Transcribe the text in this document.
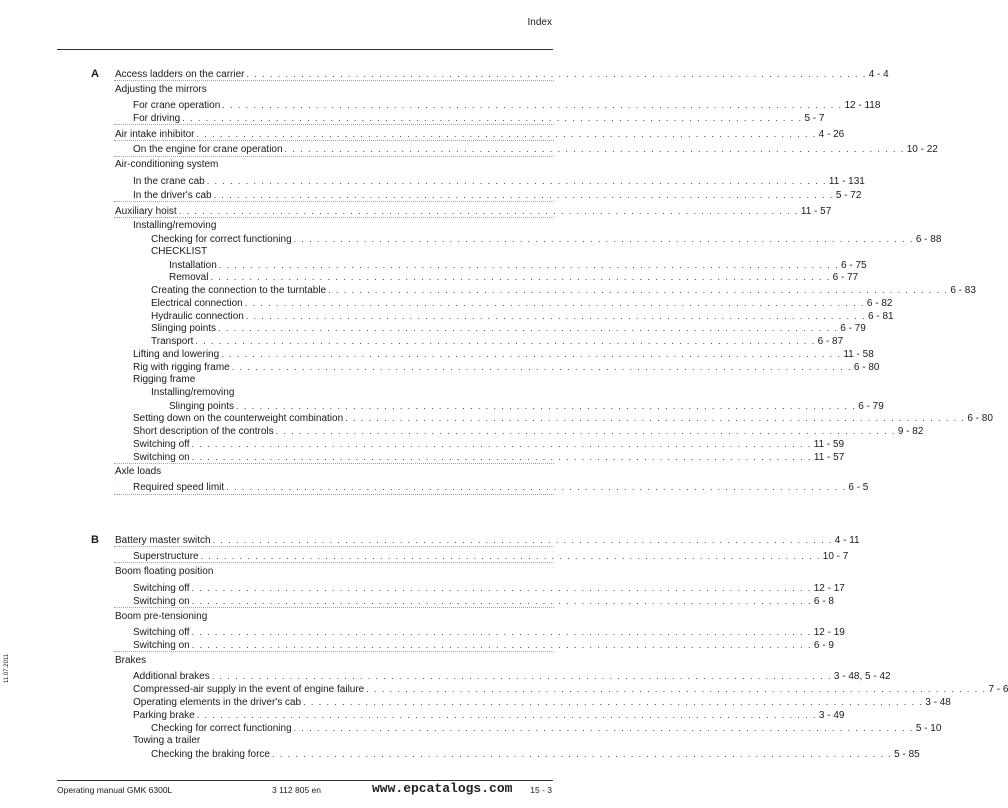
Index
A
B
Access ladders on the carrier . . . . . . . . . . . . . . . . . . . . . . . . . . . . . . . . . . . . . . . . . . . . . . . . . . . . . . . . . . . . . . . . . . . . . . . . . . . . . . . . 4 - 4
Adjusting the mirrors
For crane operation . . . . . . . . . . . . . . . . . . . . . . . . . . . . . . . . . . . . . . . . . . . . . . . . . . . . . . . . . . . . . . . . . . . . . . . . . . . . . . . . 12 - 118
For driving . . . . . . . . . . . . . . . . . . . . . . . . . . . . . . . . . . . . . . . . . . . . . . . . . . . . . . . . . . . . . . . . . . . . . . . . . . . . . . . . 5 - 7
Air intake inhibitor . . . . . . . . . . . . . . . . . . . . . . . . . . . . . . . . . . . . . . . . . . . . . . . . . . . . . . . . . . . . . . . . . . . . . . . . . . . . . . . . 4 - 26
On the engine for crane operation . . . . . . . . . . . . . . . . . . . . . . . . . . . . . . . . . . . . . . . . . . . . . . . . . . . . . . . . . . . . . . . . . . . . . . . . . . . . . . . . 10 - 22
Air-conditioning system
In the crane cab . . . . . . . . . . . . . . . . . . . . . . . . . . . . . . . . . . . . . . . . . . . . . . . . . . . . . . . . . . . . . . . . . . . . . . . . . . . . . . . . 11 - 131
In the driver's cab . . . . . . . . . . . . . . . . . . . . . . . . . . . . . . . . . . . . . . . . . . . . . . . . . . . . . . . . . . . . . . . . . . . . . . . . . . . . . . . . 5 - 72
Auxiliary hoist . . . . . . . . . . . . . . . . . . . . . . . . . . . . . . . . . . . . . . . . . . . . . . . . . . . . . . . . . . . . . . . . . . . . . . . . . . . . . . . . 11 - 57
Installing/removing
Checking for correct functioning . . . . . . . . . . . . . . . . . . . . . . . . . . . . . . . . . . . . . . . . . . . . . . . . . . . . . . . . . . . . . . . . . . . . . . . . . . . . . . . . 6 - 88
CHECKLIST
Installation . . . . . . . . . . . . . . . . . . . . . . . . . . . . . . . . . . . . . . . . . . . . . . . . . . . . . . . . . . . . . . . . . . . . . . . . . . . . . . . . 6 - 75
Removal . . . . . . . . . . . . . . . . . . . . . . . . . . . . . . . . . . . . . . . . . . . . . . . . . . . . . . . . . . . . . . . . . . . . . . . . . . . . . . . . 6 - 77
Creating the connection to the turntable . . . . . . . . . . . . . . . . . . . . . . . . . . . . . . . . . . . . . . . . . . . . . . . . . . . . . . . . . . . . . . . . . . . . . . . . . . . . . . . . 6 - 83
Electrical connection . . . . . . . . . . . . . . . . . . . . . . . . . . . . . . . . . . . . . . . . . . . . . . . . . . . . . . . . . . . . . . . . . . . . . . . . . . . . . . . . 6 - 82
Hydraulic connection . . . . . . . . . . . . . . . . . . . . . . . . . . . . . . . . . . . . . . . . . . . . . . . . . . . . . . . . . . . . . . . . . . . . . . . . . . . . . . . . 6 - 81
Slinging points . . . . . . . . . . . . . . . . . . . . . . . . . . . . . . . . . . . . . . . . . . . . . . . . . . . . . . . . . . . . . . . . . . . . . . . . . . . . . . . . 6 - 79
Transport . . . . . . . . . . . . . . . . . . . . . . . . . . . . . . . . . . . . . . . . . . . . . . . . . . . . . . . . . . . . . . . . . . . . . . . . . . . . . . . . 6 - 87
Lifting and lowering . . . . . . . . . . . . . . . . . . . . . . . . . . . . . . . . . . . . . . . . . . . . . . . . . . . . . . . . . . . . . . . . . . . . . . . . . . . . . . . . 11 - 58
Rig with rigging frame . . . . . . . . . . . . . . . . . . . . . . . . . . . . . . . . . . . . . . . . . . . . . . . . . . . . . . . . . . . . . . . . . . . . . . . . . . . . . . . . 6 - 80
Rigging frame
Installing/removing
Slinging points . . . . . . . . . . . . . . . . . . . . . . . . . . . . . . . . . . . . . . . . . . . . . . . . . . . . . . . . . . . . . . . . . . . . . . . . . . . . . . . . 6 - 79
Setting down on the counterweight combination . . . . . . . . . . . . . . . . . . . . . . . . . . . . . . . . . . . . . . . . . . . . . . . . . . . . . . . . . . . . . . . . . . . . . . . . . . . . . . . . 6 - 80
Short description of the controls . . . . . . . . . . . . . . . . . . . . . . . . . . . . . . . . . . . . . . . . . . . . . . . . . . . . . . . . . . . . . . . . . . . . . . . . . . . . . . . . 9 - 82
Switching off . . . . . . . . . . . . . . . . . . . . . . . . . . . . . . . . . . . . . . . . . . . . . . . . . . . . . . . . . . . . . . . . . . . . . . . . . . . . . . . . 11 - 59
Switching on . . . . . . . . . . . . . . . . . . . . . . . . . . . . . . . . . . . . . . . . . . . . . . . . . . . . . . . . . . . . . . . . . . . . . . . . . . . . . . . . 11 - 57
Axle loads
Required speed limit . . . . . . . . . . . . . . . . . . . . . . . . . . . . . . . . . . . . . . . . . . . . . . . . . . . . . . . . . . . . . . . . . . . . . . . . . . . . . . . . 6 - 5
Battery master switch . . . . . . . . . . . . . . . . . . . . . . . . . . . . . . . . . . . . . . . . . . . . . . . . . . . . . . . . . . . . . . . . . . . . . . . . . . . . . . . . 4 - 11
Superstructure . . . . . . . . . . . . . . . . . . . . . . . . . . . . . . . . . . . . . . . . . . . . . . . . . . . . . . . . . . . . . . . . . . . . . . . . . . . . . . . . 10 - 7
Boom floating position
Switching off . . . . . . . . . . . . . . . . . . . . . . . . . . . . . . . . . . . . . . . . . . . . . . . . . . . . . . . . . . . . . . . . . . . . . . . . . . . . . . . . 12 - 17
Switching on . . . . . . . . . . . . . . . . . . . . . . . . . . . . . . . . . . . . . . . . . . . . . . . . . . . . . . . . . . . . . . . . . . . . . . . . . . . . . . . . 6 - 8
Boom pre-tensioning
Switching off . . . . . . . . . . . . . . . . . . . . . . . . . . . . . . . . . . . . . . . . . . . . . . . . . . . . . . . . . . . . . . . . . . . . . . . . . . . . . . . . 12 - 19
Switching on . . . . . . . . . . . . . . . . . . . . . . . . . . . . . . . . . . . . . . . . . . . . . . . . . . . . . . . . . . . . . . . . . . . . . . . . . . . . . . . . 6 - 9
Brakes
Additional brakes . . . . . . . . . . . . . . . . . . . . . . . . . . . . . . . . . . . . . . . . . . . . . . . . . . . . . . . . . . . . . . . . . . . . . . . . . . . . . . . . 3 - 48, 5 - 42
Compressed-air supply in the event of engine failure . . . . . . . . . . . . . . . . . . . . . . . . . . . . . . . . . . . . . . . . . . . . . . . . . . . . . . . . . . . . . . . . . . . . . . . . . . . . . . . . 7 - 6
Operating elements in the driver's cab . . . . . . . . . . . . . . . . . . . . . . . . . . . . . . . . . . . . . . . . . . . . . . . . . . . . . . . . . . . . . . . . . . . . . . . . . . . . . . . . 3 - 48
Parking brake . . . . . . . . . . . . . . . . . . . . . . . . . . . . . . . . . . . . . . . . . . . . . . . . . . . . . . . . . . . . . . . . . . . . . . . . . . . . . . . . 3 - 49
Checking for correct functioning . . . . . . . . . . . . . . . . . . . . . . . . . . . . . . . . . . . . . . . . . . . . . . . . . . . . . . . . . . . . . . . . . . . . . . . . . . . . . . . . 5 - 10
Towing a trailer
Checking the braking force . . . . . . . . . . . . . . . . . . . . . . . . . . . . . . . . . . . . . . . . . . . . . . . . . . . . . . . . . . . . . . . . . . . . . . . . . . . . . . . . 5 - 85
11.07.2011
Operating manual GMK 6300L	3 112 805 en	15 - 3
www.epcatalogs.com
